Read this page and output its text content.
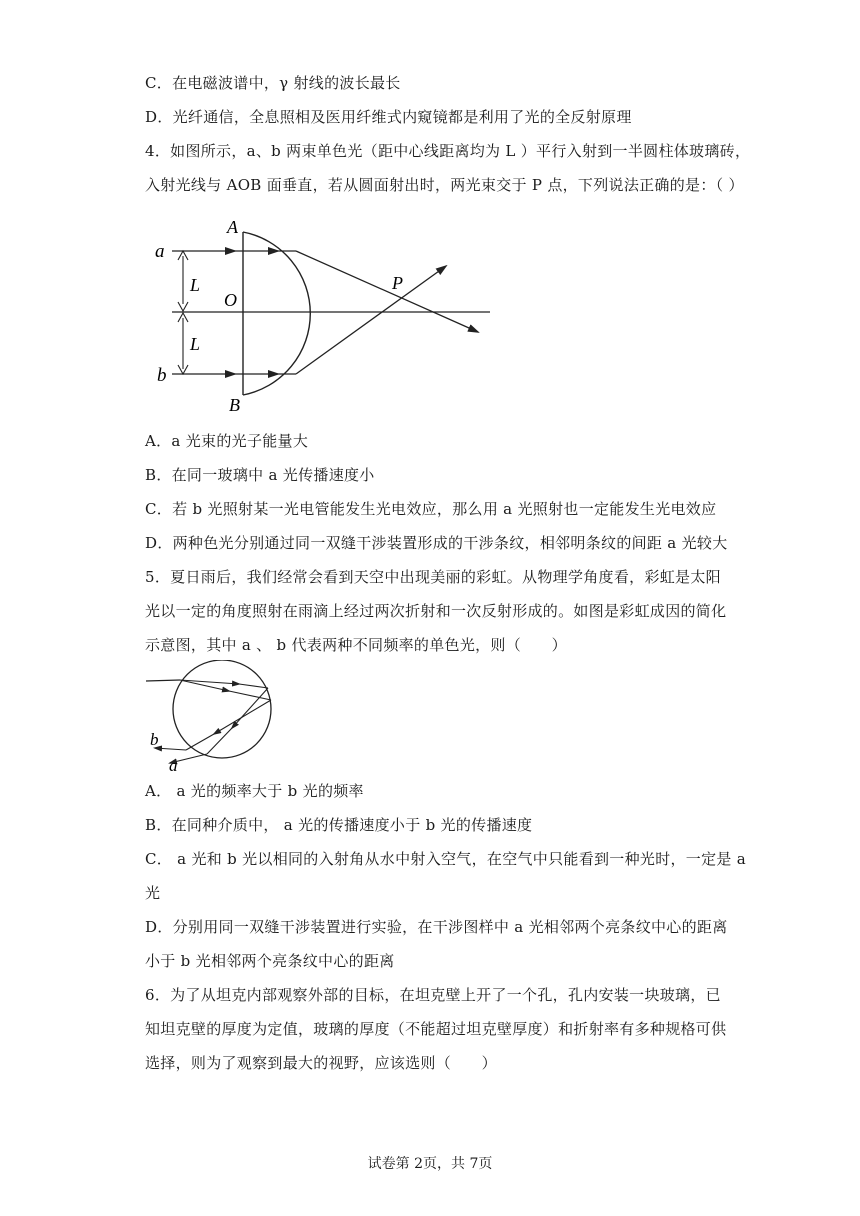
C．在电磁波谱中，γ 射线的波长最长
D．光纤通信，全息照相及医用纤维式内窥镜都是利用了光的全反射原理
4．如图所示，a、b 两束单色光（距中心线距离均为 L ）平行入射到一半圆柱体玻璃砖，
入射光线与 AOB 面垂直，若从圆面射出时，两光束交于 P 点，下列说法正确的是：（ ）
a
b
A
B
O
P
L
L
A．a 光束的光子能量大
B．在同一玻璃中 a 光传播速度小
C．若 b 光照射某一光电管能发生光电效应，那么用 a 光照射也一定能发生光电效应
D．两种色光分别通过同一双缝干涉装置形成的干涉条纹，相邻明条纹的间距 a 光较大
5．夏日雨后，我们经常会看到天空中出现美丽的彩虹。从物理学角度看，彩虹是太阳
光以一定的角度照射在雨滴上经过两次折射和一次反射形成的。如图是彩虹成因的简化
示意图，其中 a 、 b 代表两种不同频率的单色光，则（　　）
b
a
A． a 光的频率大于 b 光的频率
B．在同种介质中， a 光的传播速度小于 b 光的传播速度
C． a 光和 b 光以相同的入射角从水中射入空气，在空气中只能看到一种光时，一定是 a
光
D．分别用同一双缝干涉装置进行实验，在干涉图样中 a 光相邻两个亮条纹中心的距离
小于 b 光相邻两个亮条纹中心的距离
6．为了从坦克内部观察外部的目标，在坦克壁上开了一个孔，孔内安装一块玻璃，已
知坦克壁的厚度为定值，玻璃的厚度（不能超过坦克壁厚度）和折射率有多种规格可供
选择，则为了观察到最大的视野，应该选则（　　）
试卷第 2页，共 7页
